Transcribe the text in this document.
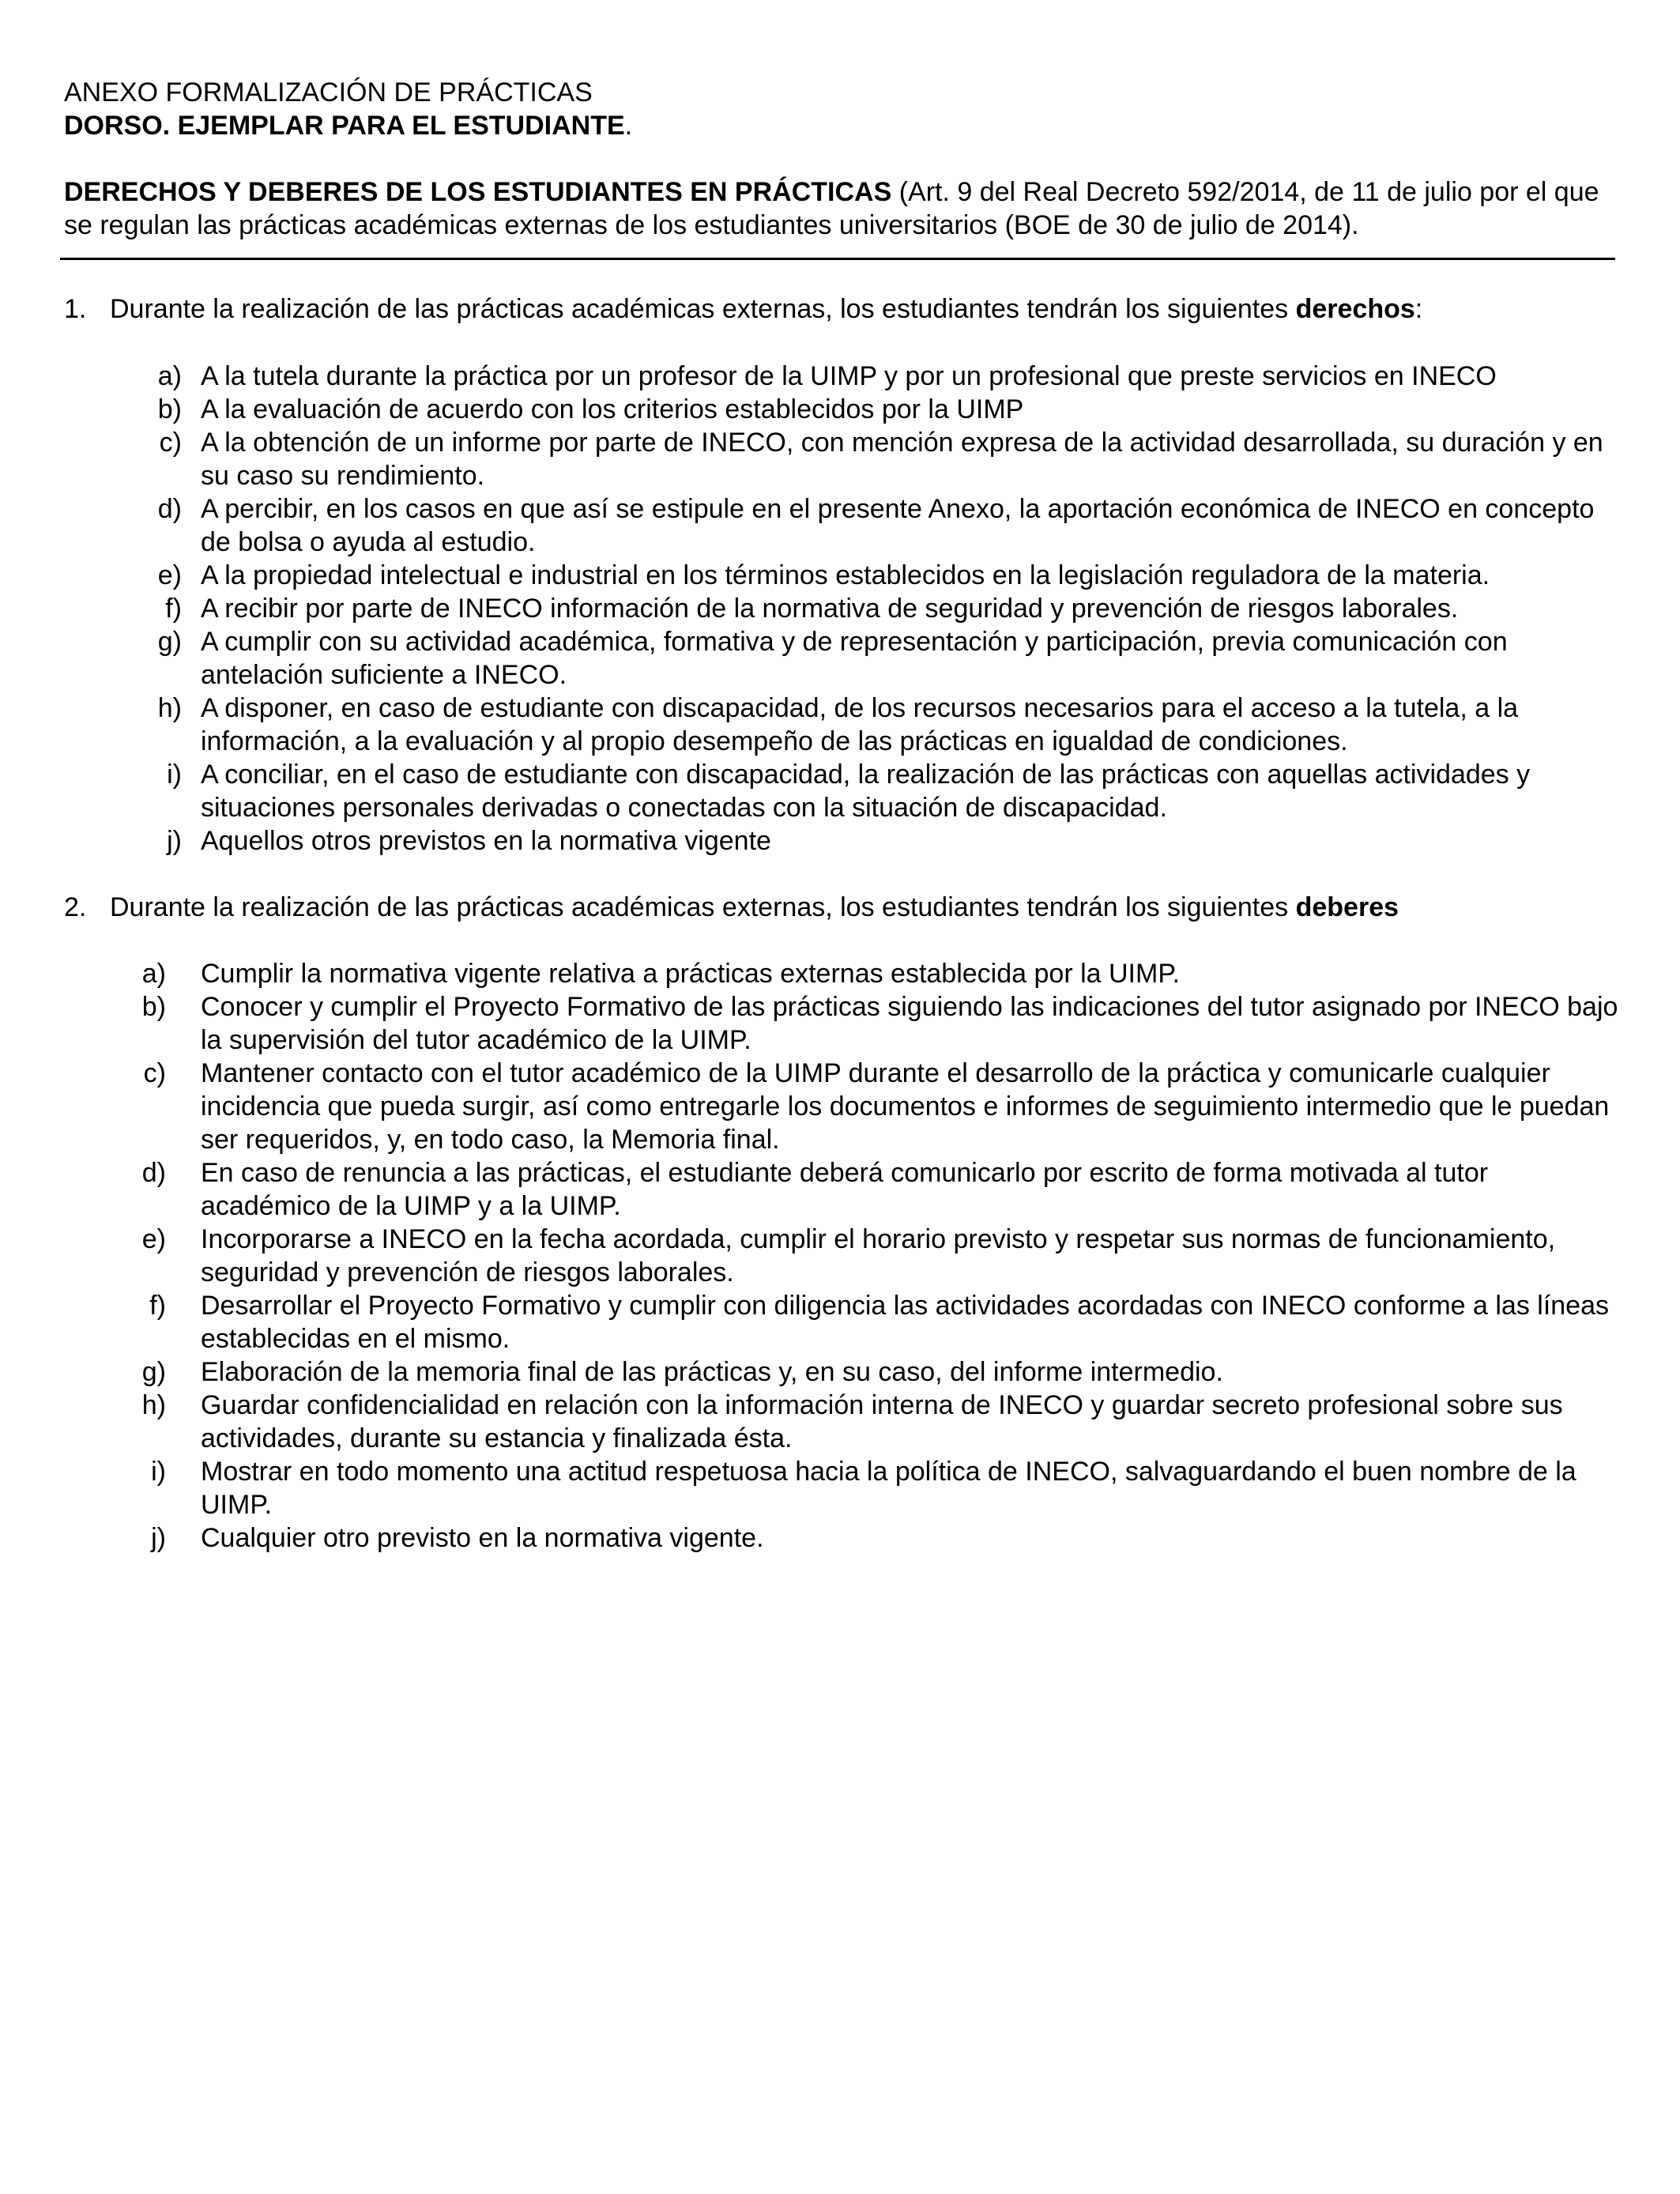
ANEXO FORMALIZACIÓN DE PRÁCTICAS
DORSO. EJEMPLAR PARA EL ESTUDIANTE.
DERECHOS Y DEBERES DE LOS ESTUDIANTES EN PRÁCTICAS (Art. 9 del Real Decreto 592/2014, de 11 de julio por el que se regulan las prácticas académicas externas de los estudiantes universitarios (BOE de 30 de julio de 2014).
1. Durante la realización de las prácticas académicas externas, los estudiantes tendrán los siguientes derechos:
a) A la tutela durante la práctica por un profesor de la UIMP y por un profesional que preste servicios en INECO
b) A la evaluación de acuerdo con los criterios establecidos por la UIMP
c) A la obtención de un informe por parte de INECO, con mención expresa de la actividad desarrollada, su duración y en su caso su rendimiento.
d) A percibir, en los casos en que así se estipule en el presente Anexo, la aportación económica de INECO en concepto de bolsa o ayuda al estudio.
e) A la propiedad intelectual e industrial en los términos establecidos en la legislación reguladora de la materia.
f) A recibir por parte de INECO información de la normativa de seguridad y prevención de riesgos laborales.
g) A cumplir con su actividad académica, formativa y de representación y participación, previa comunicación con antelación suficiente a INECO.
h) A disponer, en caso de estudiante con discapacidad, de los recursos necesarios para el acceso a la tutela, a la información, a la evaluación y al propio desempeño de las prácticas en igualdad de condiciones.
i) A conciliar, en el caso de estudiante con discapacidad, la realización de las prácticas con aquellas actividades y situaciones personales derivadas o conectadas con la situación de discapacidad.
j) Aquellos otros previstos en la normativa vigente
2. Durante la realización de las prácticas académicas externas, los estudiantes tendrán los siguientes deberes
a) Cumplir la normativa vigente relativa a prácticas externas establecida por la UIMP.
b) Conocer y cumplir el Proyecto Formativo de las prácticas siguiendo las indicaciones del tutor asignado por INECO bajo la supervisión del tutor académico de la UIMP.
c) Mantener contacto con el tutor académico de la UIMP durante el desarrollo de la práctica y comunicarle cualquier incidencia que pueda surgir, así como entregarle los documentos e informes de seguimiento intermedio que le puedan ser requeridos, y, en todo caso, la Memoria final.
d) En caso de renuncia a las prácticas, el estudiante deberá comunicarlo por escrito de forma motivada al tutor académico de la UIMP y a la UIMP.
e) Incorporarse a INECO en la fecha acordada, cumplir el horario previsto y respetar sus normas de funcionamiento, seguridad y prevención de riesgos laborales.
f) Desarrollar el Proyecto Formativo y cumplir con diligencia las actividades acordadas con INECO conforme a las líneas establecidas en el mismo.
g) Elaboración de la memoria final de las prácticas y, en su caso, del informe intermedio.
h) Guardar confidencialidad en relación con la información interna de INECO y guardar secreto profesional sobre sus actividades, durante su estancia y finalizada ésta.
i) Mostrar en todo momento una actitud respetuosa hacia la política de INECO, salvaguardando el buen nombre de la UIMP.
j) Cualquier otro previsto en la normativa vigente.
